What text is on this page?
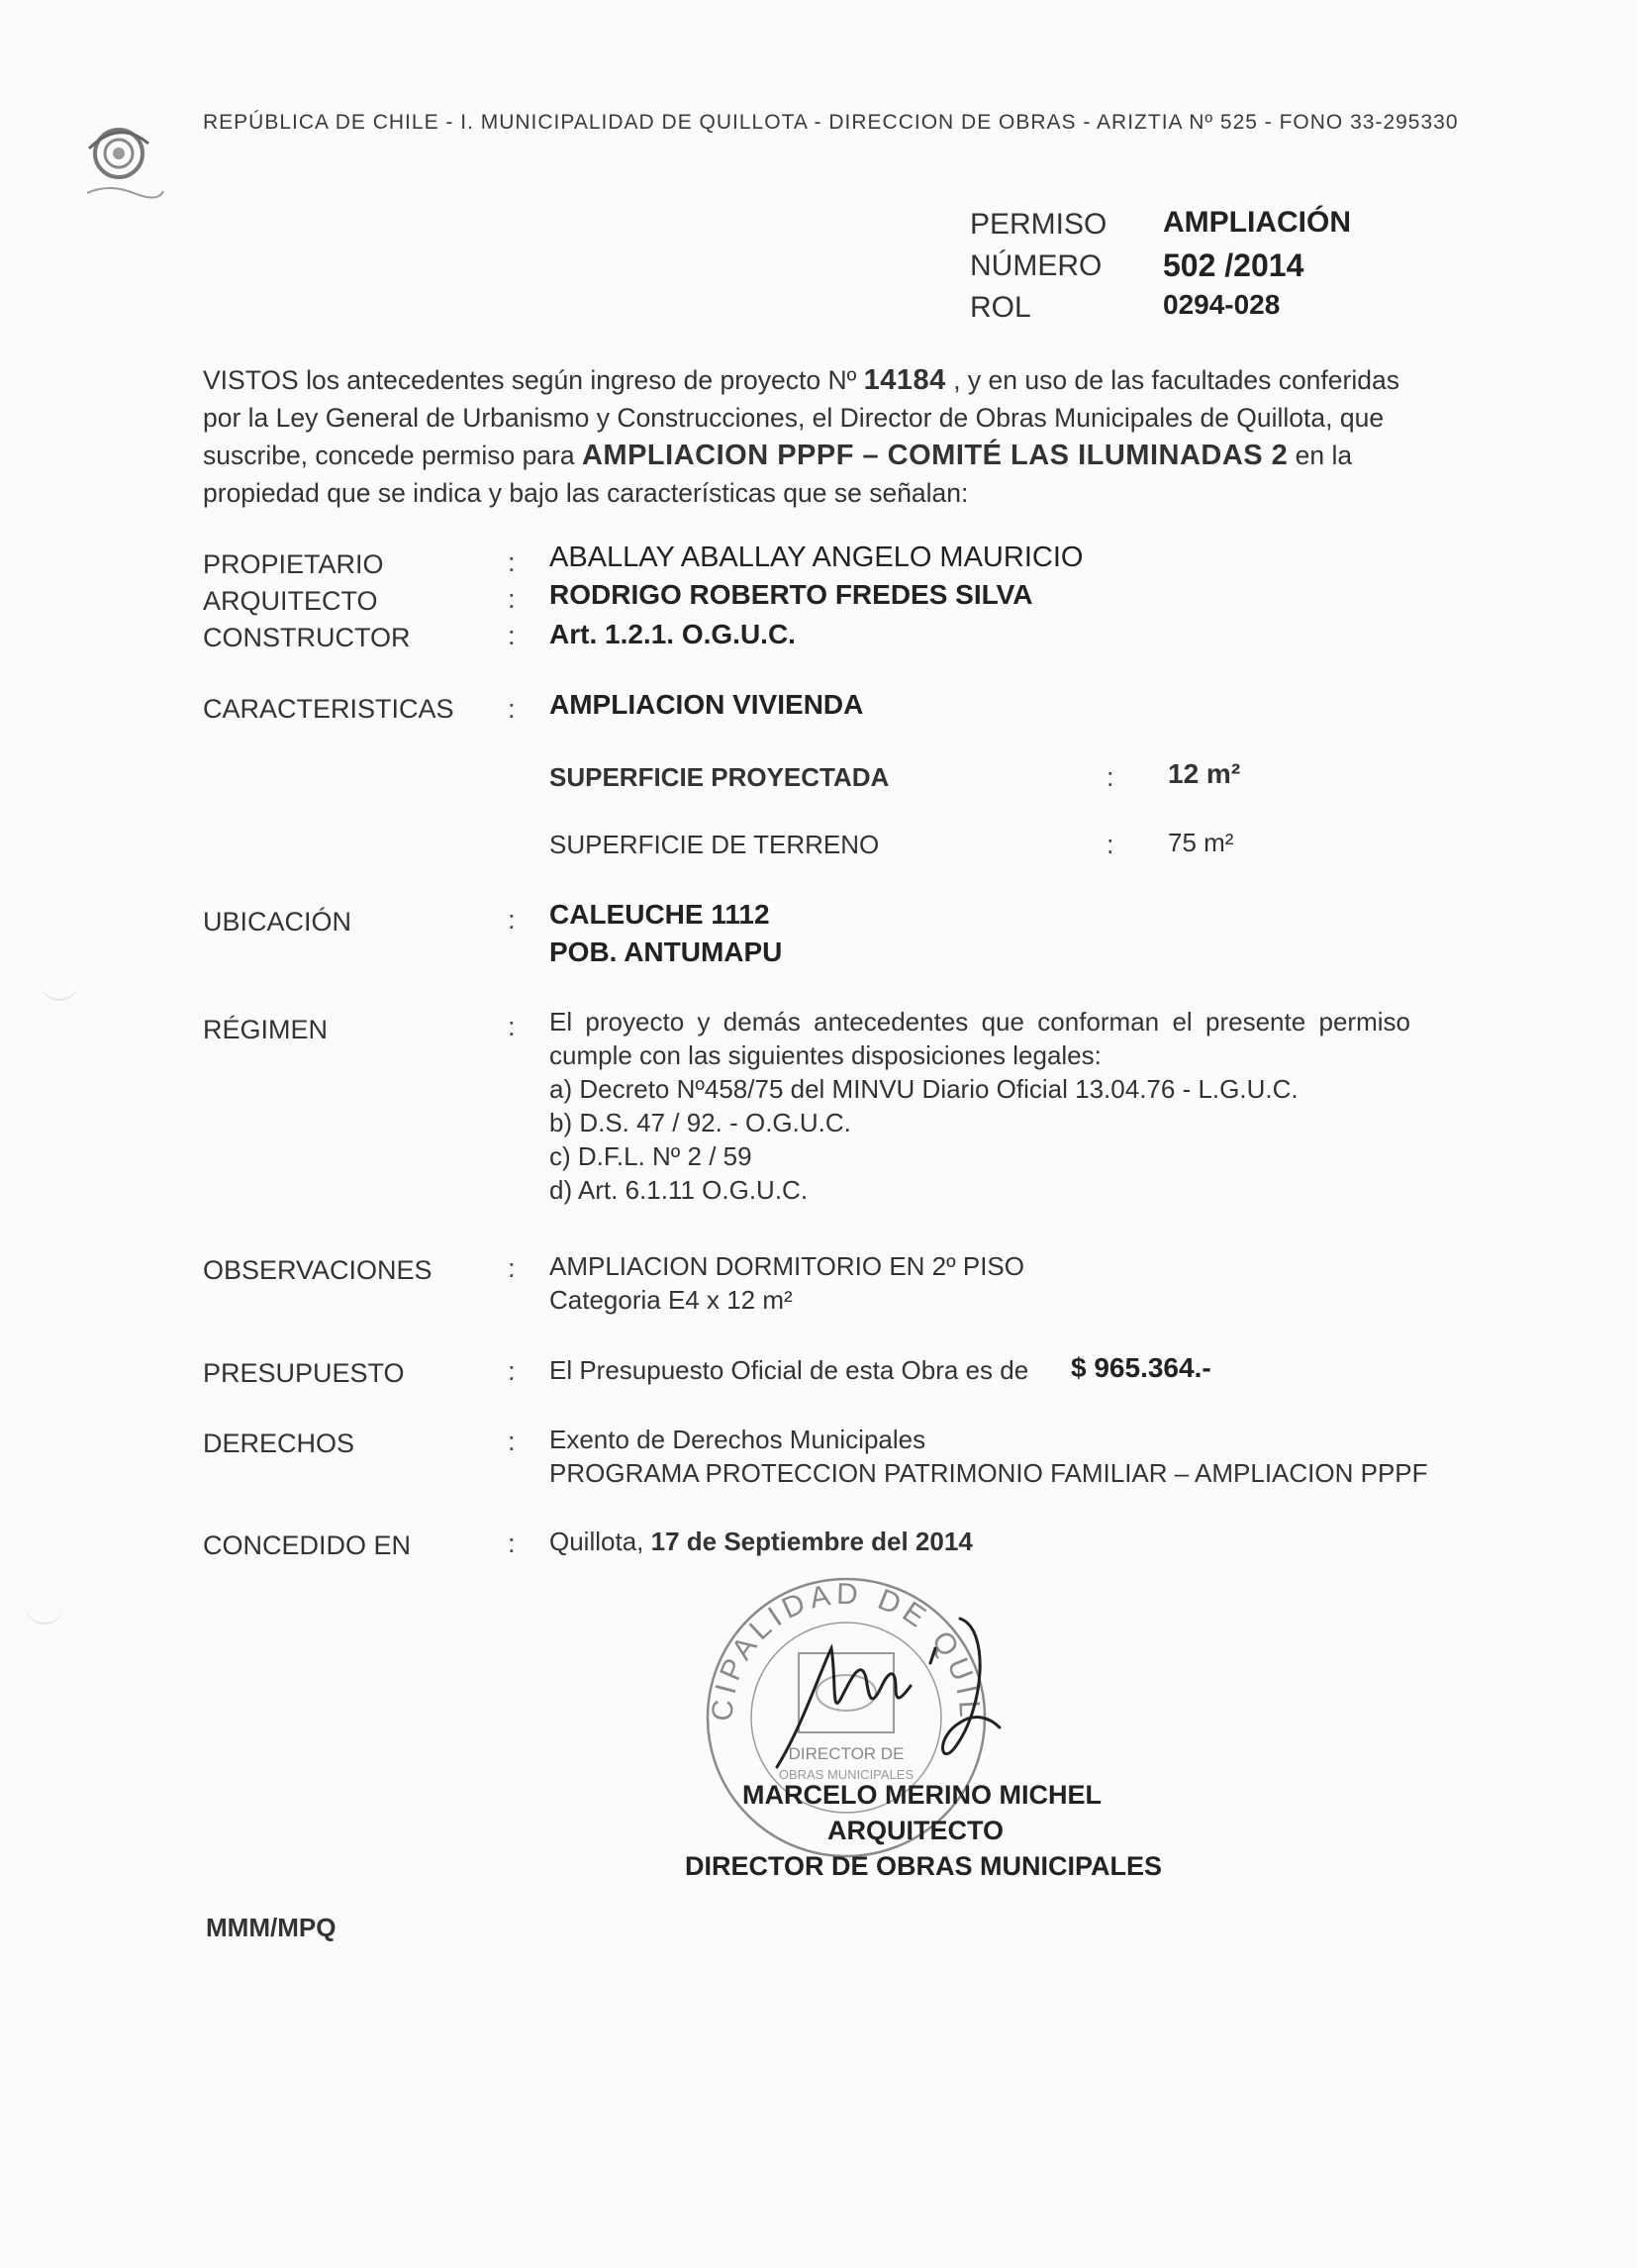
REPÚBLICA DE CHILE - I. MUNICIPALIDAD DE QUILLOTA - DIRECCION DE OBRAS - ARIZTIA Nº 525 - FONO 33-295330
PERMISO AMPLIACIÓN
NÚMERO 502 /2014
ROL	0294-028
VISTOS los antecedentes según ingreso de proyecto Nº 14184 , y en uso de las facultades conferidas por la Ley General de Urbanismo y Construcciones, el Director de Obras Municipales de Quillota, que suscribe, concede permiso para AMPLIACION PPPF – COMITÉ LAS ILUMINADAS 2 en la propiedad que se indica y bajo las características que se señalan:
PROPIETARIO	: ABALLAY ABALLAY ANGELO MAURICIO
ARQUITECTO	: RODRIGO ROBERTO FREDES SILVA
CONSTRUCTOR	: Art. 1.2.1. O.G.U.C.
CARACTERISTICAS : AMPLIACION VIVIENDA
SUPERFICIE PROYECTADA	: 12 m²
SUPERFICIE DE TERRENO	: 75 m²
UBICACIÓN	: CALEUCHE 1112
POB. ANTUMAPU
RÉGIMEN	: El proyecto y demás antecedentes que conforman el presente permiso cumple con las siguientes disposiciones legales:
a) Decreto Nº458/75 del MINVU Diario Oficial 13.04.76 - L.G.U.C.
b) D.S. 47 / 92. - O.G.U.C.
c) D.F.L. Nº 2 / 59
d) Art. 6.1.11 O.G.U.C.
OBSERVACIONES	: AMPLIACION DORMITORIO EN 2º PISO
Categoria E4 x 12 m²
PRESUPUESTO	: El Presupuesto Oficial de esta Obra es de $ 965.364.-
DERECHOS	: Exento de Derechos Municipales
PROGRAMA PROTECCION PATRIMONIO FAMILIAR – AMPLIACION PPPF
CONCEDIDO EN	: Quillota, 17 de Septiembre del 2014
CIPALIDAD DE QUIL
DIRECTOR DE
OBRAS MUNICIPALES
MARCELO MERINO MICHEL
ARQUITECTO
DIRECTOR DE OBRAS MUNICIPALES
MMM/MPQ
